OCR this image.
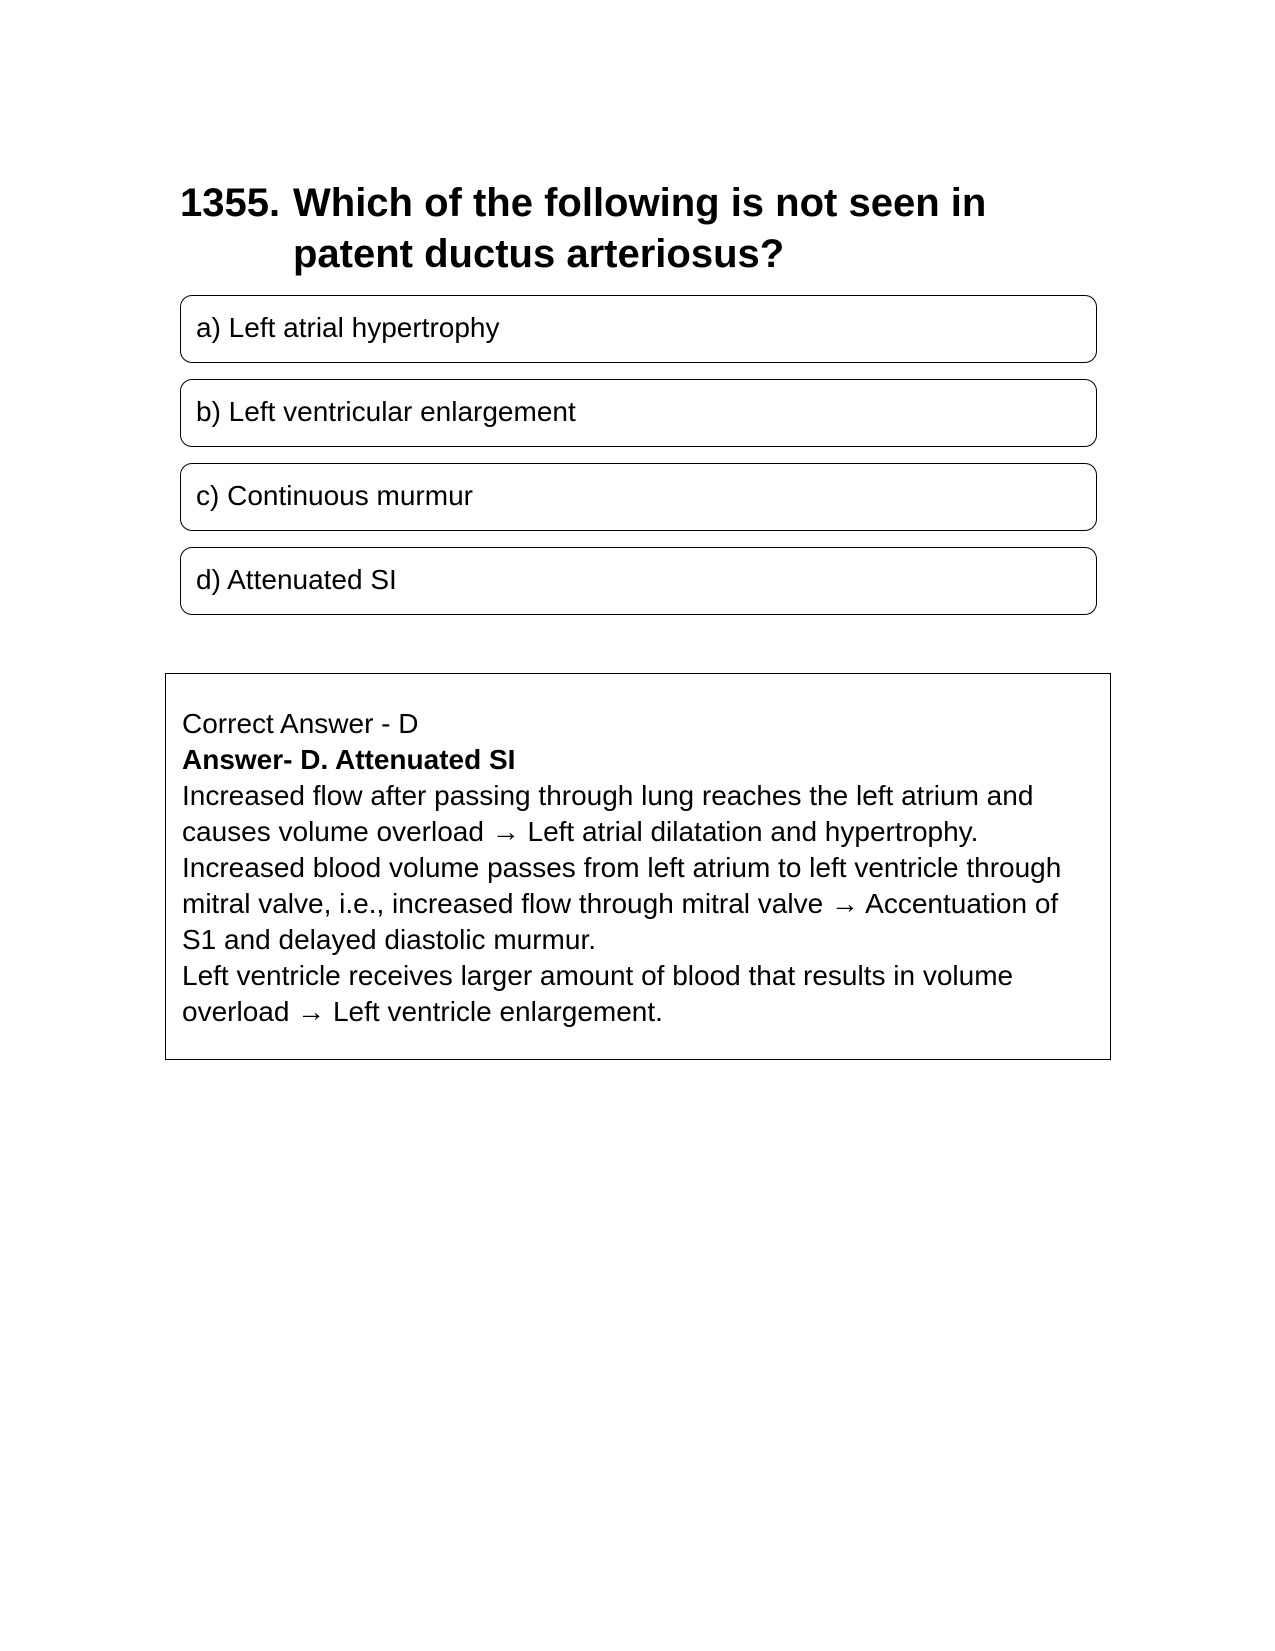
1355. Which of the following is not seen in patent ductus arteriosus?
a) Left atrial hypertrophy
b) Left ventricular enlargement
c) Continuous murmur
d) Attenuated SI

Correct Answer - D

Answer- D. Attenuated SI

Increased flow after passing through lung reaches the left atrium and causes volume overload → Left atrial dilatation and hypertrophy.

Increased blood volume passes from left atrium to left ventricle through mitral valve, i.e., increased flow through mitral valve → Accentuation of S1 and delayed diastolic murmur.

Left ventricle receives larger amount of blood that results in volume overload → Left ventricle enlargement.
